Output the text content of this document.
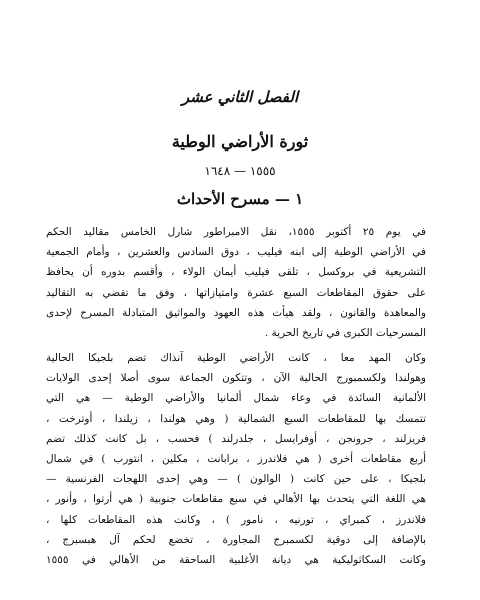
الفصل الثاني عشر
ثورة الأراضي الوطية
١٥٥٥ — ١٦٤٨
١ — مسرح الأحداث
في يوم ٢٥ أكتوبر ١٥٥٥، نقل الامبراطور شارل الخامس مقاليد الحكم
في الأراضي الوطية إلى ابنه فيليب ، دوق السادس والعشرين ، وأمام الجمعية
التشريعية في بروكسل ، تلقى فيليب أيمان الولاء ، وأقسم بدوره أن يحافظ
على حقوق المقاطعات السبع عشرة وامتيازاتها ، وفق ما تقضي به التقاليد
والمعاهدة والقانون ، ولقد هيأت هذه العهود والمواثيق المتبادلة المسرح لإحدى
المسرحيات الكبرى في تاريخ الحرية .
وكان المهد معا ، كانت الأراضي الوطية آنذاك تضم بلجيكا الحالية
وهولندا ولكسمبورج الحالية الآن ، وتتكون الجماعة سوى أصلا إحدى الولايات
الألمانية السائدة في وعاء شمال ألمانيا والأراضي الوطية — هي التي
تتمسك بها للمقاطعات السبع الشمالية ( وهي هولندا ، زيلندا ، أوترخت ،
فريزلند ، جرونجن ، أوفرايسل ، جلدرلند ) فحسب ، بل كانت كذلك تضم
أربع مقاطعات أخرى ( هي فلاندرز ، برابانت ، مكلين ، انتورب ) في شمال
بلجيكا ، على حين كانت ( الوالون ) — وهي إحدى اللهجات الفرنسية —
هي اللغة التي يتحدث بها الأهالي في سبع مقاطعات جنوبية ( هي أرتوا ، وأنور ،
فلاندرز ، كمبراي ، تورنيه ، نامور ) ، وكانت هذه المقاطعات كلها ،
بالإضافة إلى دوقية لكسمبرج المجاورة ، تخضع لحكم آل هبسبرج ،
وكانت السكاثوليكية هي ديانة الأغلبية الساحقة من الأهالي في ١٥٥٥
